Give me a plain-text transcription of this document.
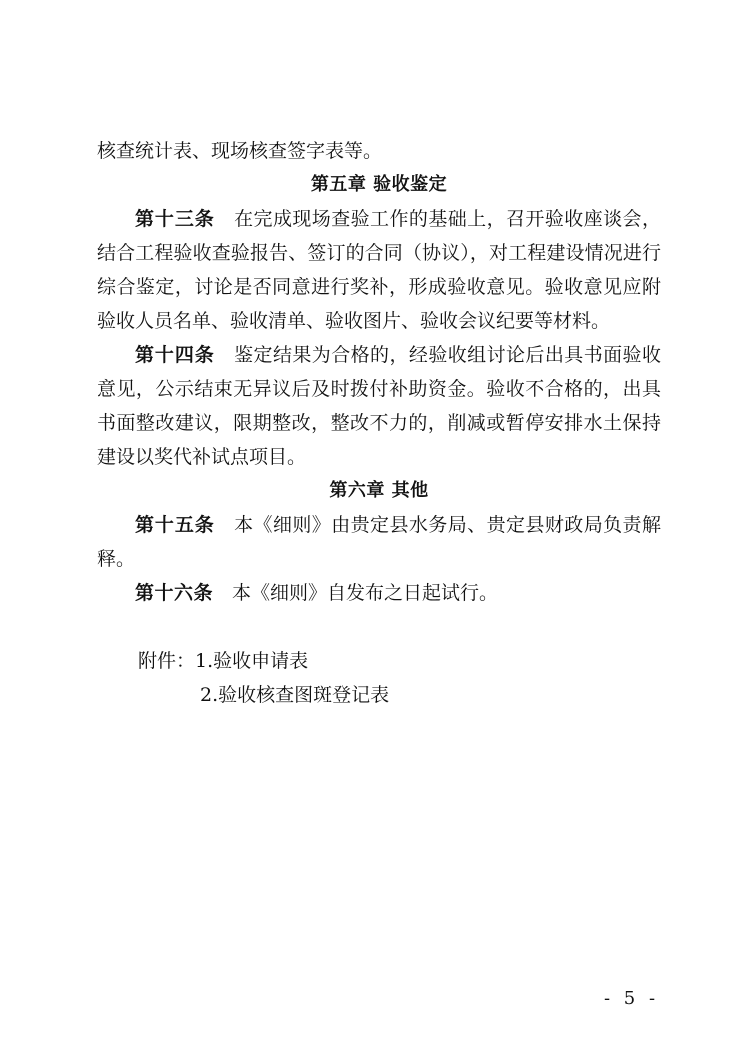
核查统计表、现场核查签字表等。

第五章 验收鉴定

第十三条　 在完成现场查验工作的基础上，召开验收座谈会，结合工程验收查验报告、签订的合同（协议），对工程建设情况进行综合鉴定，讨论是否同意进行奖补，形成验收意见。验收意见应附验收人员名单、验收清单、验收图片、验收会议纪要等材料。

第十四条　 鉴定结果为合格的，经验收组讨论后出具书面验收意见，公示结束无异议后及时拨付补助资金。验收不合格的，出具书面整改建议，限期整改，整改不力的，削减或暂停安排水土保持建设以奖代补试点项目。

第六章 其他

第十五条　 本《细则》由贵定县水务局、贵定县财政局负责解释。

第十六条　 本《细则》自发布之日起试行。

附件：1.验收申请表

2.验收核查图斑登记表

- 5 -
